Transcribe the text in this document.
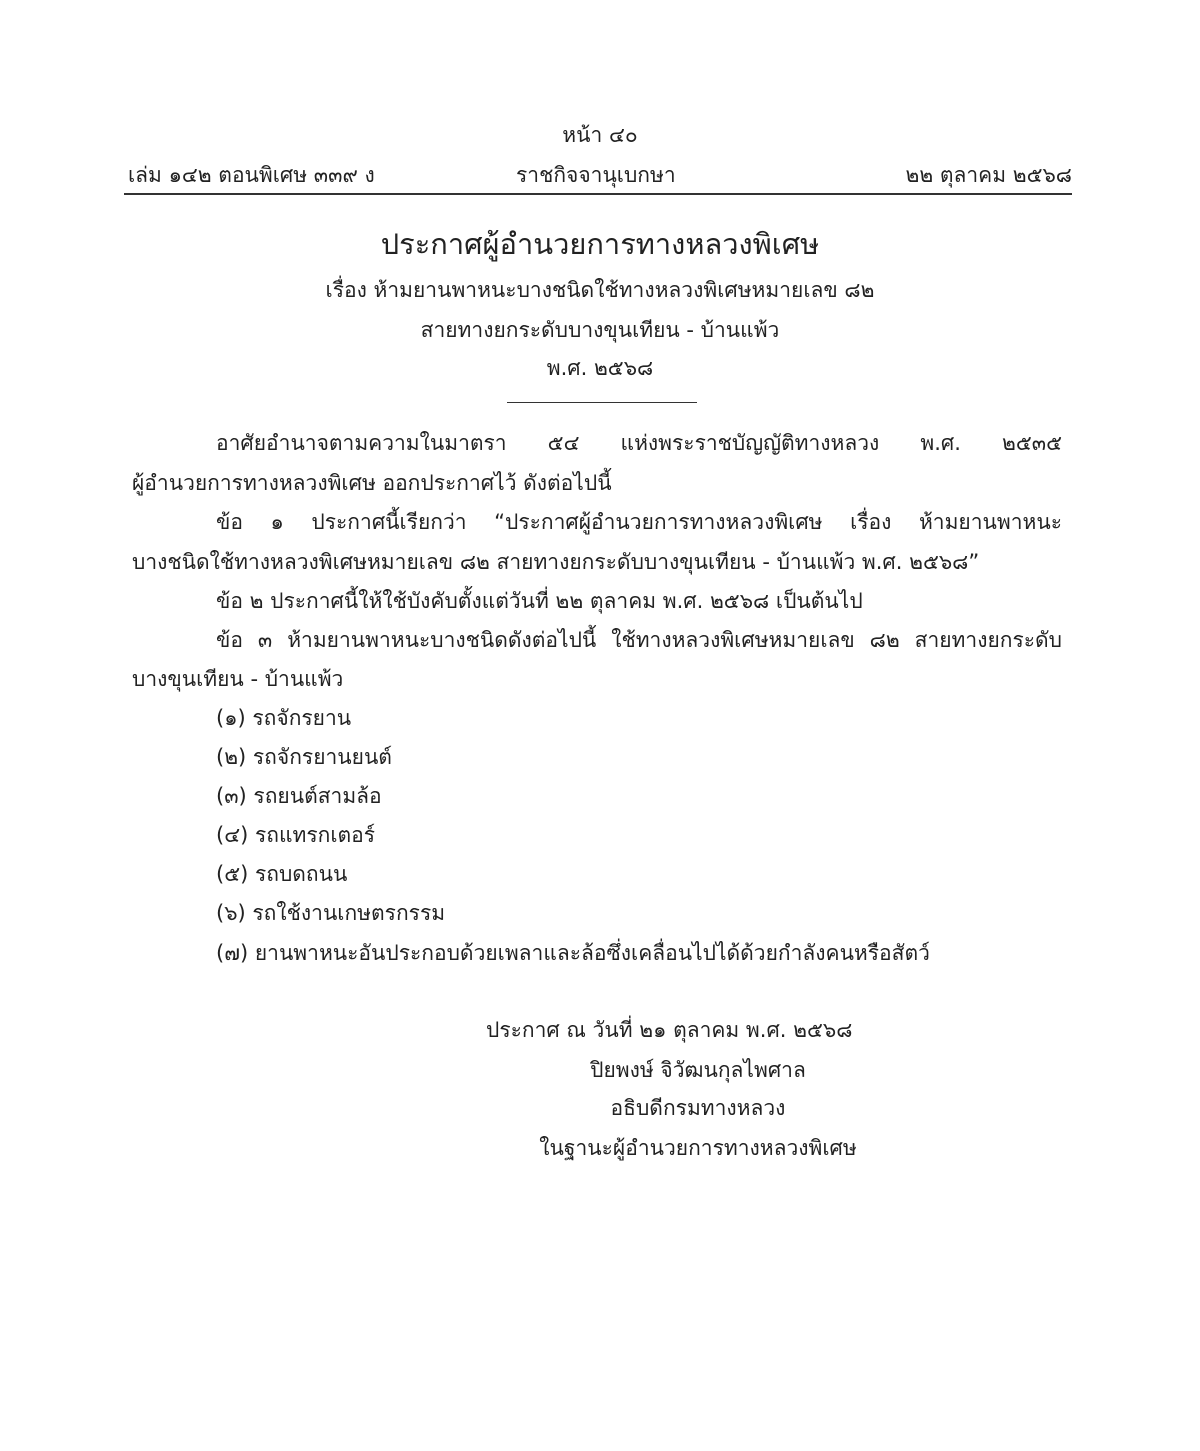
หน้า ๔๐
เล่ม ๑๔๒ ตอนพิเศษ ๓๓๙ ง	ราชกิจจานุเบกษา	๒๒ ตุลาคม ๒๕๖๘
ประกาศผู้อำนวยการทางหลวงพิเศษ
เรื่อง ห้ามยานพาหนะบางชนิดใช้ทางหลวงพิเศษหมายเลข ๘๒
สายทางยกระดับบางขุนเทียน - บ้านแพ้ว
พ.ศ. ๒๕๖๘
อาศัยอำนาจตามความในมาตรา ๕๔ แห่งพระราชบัญญัติทางหลวง พ.ศ. ๒๕๓๕
ผู้อำนวยการทางหลวงพิเศษ ออกประกาศไว้ ดังต่อไปนี้
ข้อ ๑ ประกาศนี้เรียกว่า “ประกาศผู้อำนวยการทางหลวงพิเศษ เรื่อง ห้ามยานพาหนะ
บางชนิดใช้ทางหลวงพิเศษหมายเลข ๘๒ สายทางยกระดับบางขุนเทียน - บ้านแพ้ว พ.ศ. ๒๕๖๘”
ข้อ ๒ ประกาศนี้ให้ใช้บังคับตั้งแต่วันที่ ๒๒ ตุลาคม พ.ศ. ๒๕๖๘ เป็นต้นไป
ข้อ ๓ ห้ามยานพาหนะบางชนิดดังต่อไปนี้ ใช้ทางหลวงพิเศษหมายเลข ๘๒ สายทางยกระดับ
บางขุนเทียน - บ้านแพ้ว
(๑) รถจักรยาน
(๒) รถจักรยานยนต์
(๓) รถยนต์สามล้อ
(๔) รถแทรกเตอร์
(๕) รถบดถนน
(๖) รถใช้งานเกษตรกรรม
(๗) ยานพาหนะอันประกอบด้วยเพลาและล้อซึ่งเคลื่อนไปได้ด้วยกำลังคนหรือสัตว์
ประกาศ ณ วันที่ ๒๑ ตุลาคม พ.ศ. ๒๕๖๘
ปิยพงษ์ จิวัฒนกุลไพศาล
อธิบดีกรมทางหลวง
ในฐานะผู้อำนวยการทางหลวงพิเศษ
